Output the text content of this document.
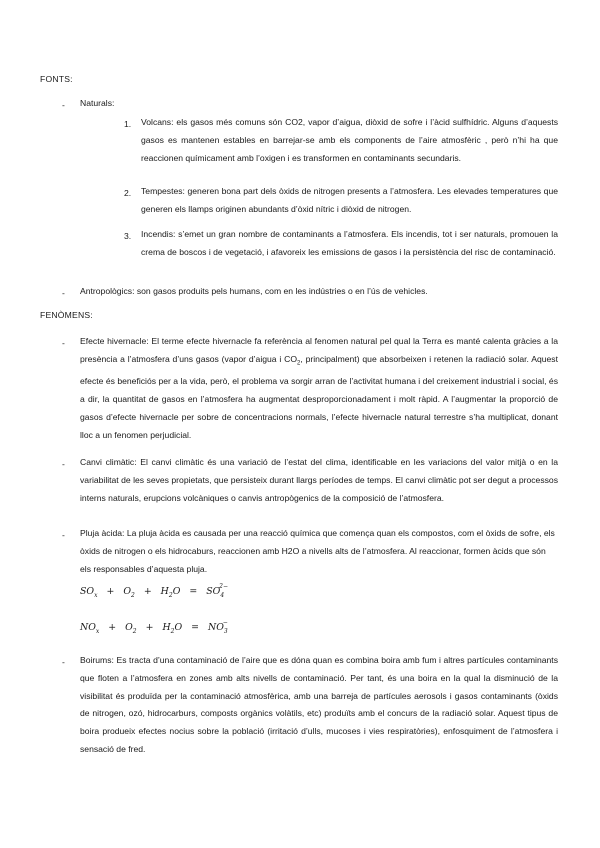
FONTS:
- Naturals:
1. Volcans: els gasos més comuns són CO2, vapor d’aigua, diòxid de sofre i l’àcid sulfhídric. Alguns d’aquests gasos es mantenen estables en barrejar-se amb els components de l’aire atmosfèric , però n’hi ha que reaccionen químicament amb l’oxigen i es transformen en contaminants secundaris.
2. Tempestes: generen bona part dels òxids de nitrogen presents a l’atmosfera. Les elevades temperatures que generen els llamps originen abundants d’òxid nítric i diòxid de nitrogen.
3. Incendis: s’emet un gran nombre de contaminants a l’atmosfera. Els incendis, tot i ser naturals, promouen la crema de boscos i de vegetació, i afavoreix les emissions de gasos i la persistència del risc de contaminació.
- Antropològics: son gasos produits pels humans, com en les indústries o en l’ús de vehicles.
FENÒMENS:
- Efecte hivernacle: El terme efecte hivernacle fa referència al fenomen natural pel qual la Terra es manté calenta gràcies a la presència a l’atmosfera d’uns gasos (vapor d’aigua i $CO_2$, principalment) que absorbeixen i retenen la radiació solar. Aquest efecte és beneficiós per a la vida, però, el problema va sorgir arran de l’activitat humana i del creixement industrial i social, és a dir, la quantitat de gasos en l’atmosfera ha augmentat desproporcionadament i molt ràpid. A l’augmentar la proporció de gasos d’efecte hivernacle per sobre de concentracions normals, l’efecte hivernacle natural terrestre s’ha multiplicat, donant lloc a un fenomen perjudicial.
- Canvi climàtic: El canvi climàtic és una variació de l’estat del clima, identificable en les variacions del valor mitjà o en la variabilitat de les seves propietats, que persisteix durant llargs períodes de temps. El canvi climàtic pot ser degut a processos interns naturals, erupcions volcàniques o canvis antropògenics de la composició de l’atmosfera.
- Pluja àcida: La pluja àcida es causada per una reacció química que comença quan els compostos, com el òxids de sofre, els òxids de nitrogen o els hidrocaburs, reaccionen amb H2O a nivells alts de l’atmosfera. Al reaccionar, formen àcids que són els responsables d’aquesta pluja.
$SO_x + O_2 + H_2O = SO_4^{2-}$
$NO_x + O_2 + H_2O = NO_3^-$
- Boirums: Es tracta d’una contaminació de l’aire que es dóna quan es combina boira amb fum i altres partícules contaminants que floten a l’atmosfera en zones amb alts nivells de contaminació. Per tant, és una boira en la qual la disminució de la visibilitat és produïda per la contaminació atmosfèrica, amb una barreja de partícules aerosols i gasos contaminants (òxids de nitrogen, ozó, hidrocarburs, composts orgànics volàtils, etc) produïts amb el concurs de la radiació solar. Aquest tipus de boira produeix efectes nocius sobre la població (irritació d’ulls, mucoses i vies respiratòries), enfosquiment de l’atmosfera i sensació de fred.
